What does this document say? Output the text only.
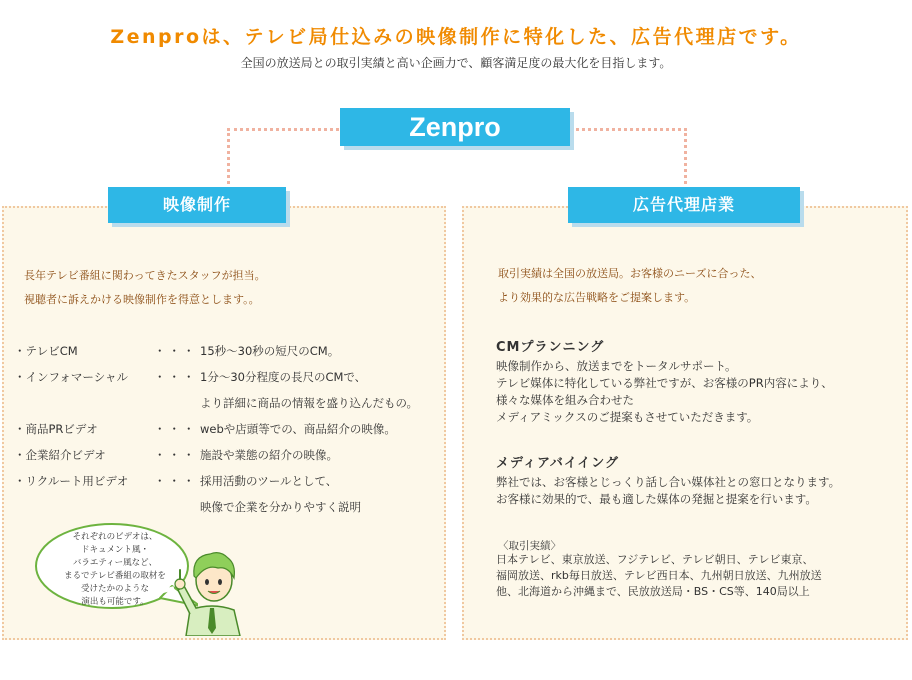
Zenproは、テレビ局仕込みの映像制作に特化した、広告代理店です。
全国の放送局との取引実績と高い企画力で、顧客満足度の最大化を目指します。
Zenpro
映像制作
長年テレビ番組に関わってきたスタッフが担当。
視聴者に訴えかける映像制作を得意とします。。
・テレビCM	・・・ 15秒～30秒の短尺のCM。
・インフォマーシャル	・・・ 1分～30分程度の長尺のCMで、
より詳細に商品の情報を盛り込んだもの。
・商品PRビデオ	・・・ webや店頭等での、商品紹介の映像。
・企業紹介ビデオ	・・・ 施設や業態の紹介の映像。
・リクルート用ビデオ	・・・ 採用活動のツールとして、
映像で企業を分かりやすく説明
それぞれのビデオは、
ドキュメント風・
バラエティー風など、
まるでテレビ番組の取材を
受けたかのような
演出も可能です。
広告代理店業
取引実績は全国の放送局。お客様のニーズに合った、
より効果的な広告戦略をご提案します。
CMプランニング
映像制作から、放送までをトータルサポート。
テレビ媒体に特化している弊社ですが、お客様のPR内容により、
様々な媒体を組み合わせた
メディアミックスのご提案もさせていただきます。
メディアバイイング
弊社では、お客様とじっくり話し合い媒体社との窓口となります。
お客様に効果的で、最も適した媒体の発掘と提案を行います。
〈取引実績〉
日本テレビ、東京放送、フジテレビ、テレビ朝日、テレビ東京、
福岡放送、rkb毎日放送、テレビ西日本、九州朝日放送、九州放送
他、北海道から沖縄まで、民放放送局・BS・CS等、140局以上
